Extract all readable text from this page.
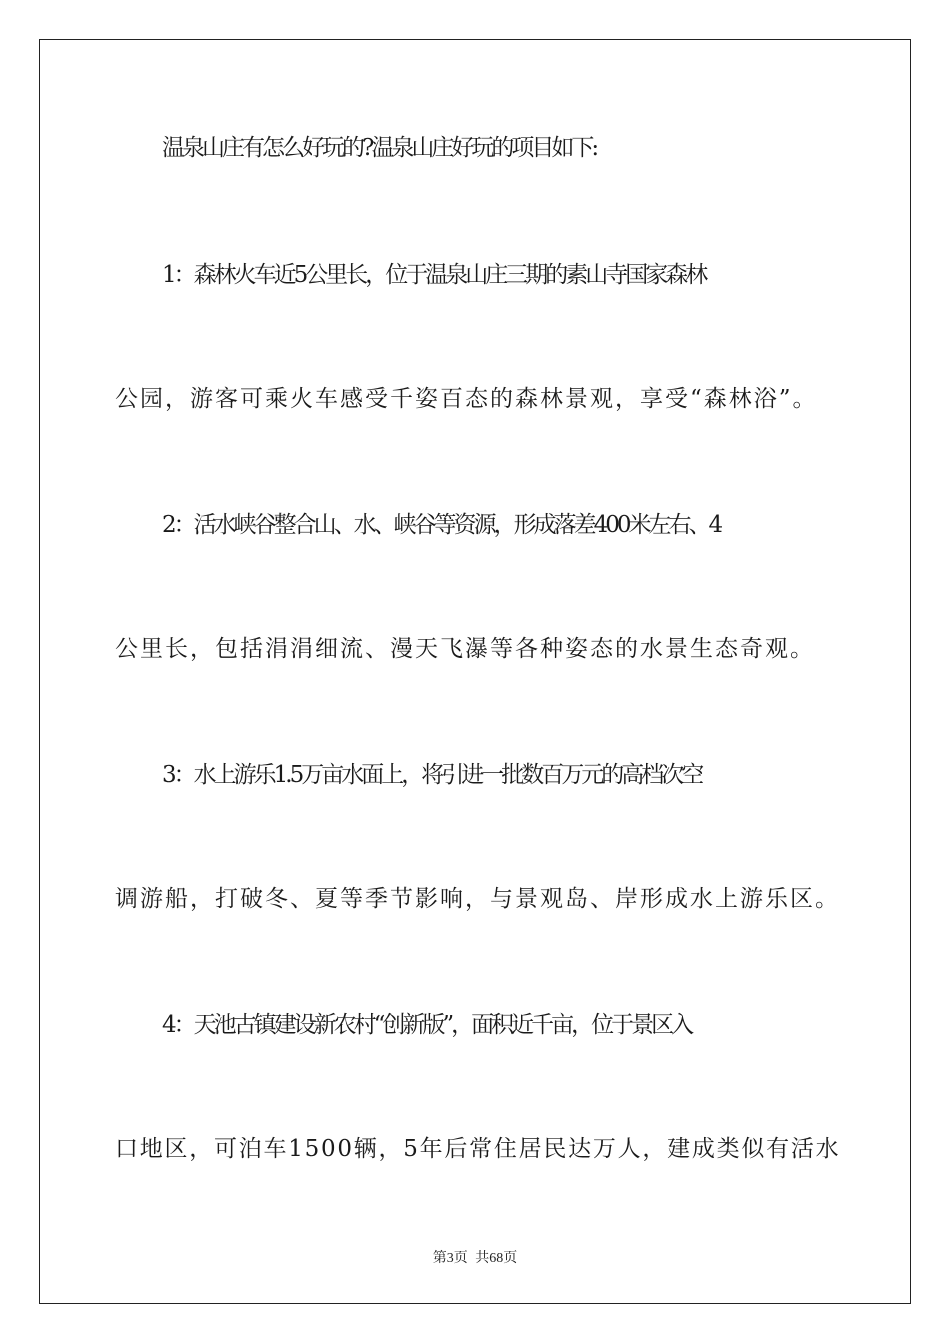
温泉山庄有怎么好玩的?温泉山庄好玩的项目如下:
1：森林火车近5公里长，位于温泉山庄三期的素山寺国家森林
公园，游客可乘火车感受千姿百态的森林景观，享受“森林浴”。
2：活水峡谷整合山、水、峡谷等资源，形成落差400米左右、4
公里长，包括涓涓细流、漫天飞瀑等各种姿态的水景生态奇观。
3：水上游乐1.5万亩水面上，将引进一批数百万元的高档次空
调游船，打破冬、夏等季节影响，与景观岛、岸形成水上游乐区。
4：天池古镇建设新农村“创新版”，面积近千亩，位于景区入
口地区，可泊车1500辆，5年后常住居民达万人，建成类似有活水
第3页 共68页
